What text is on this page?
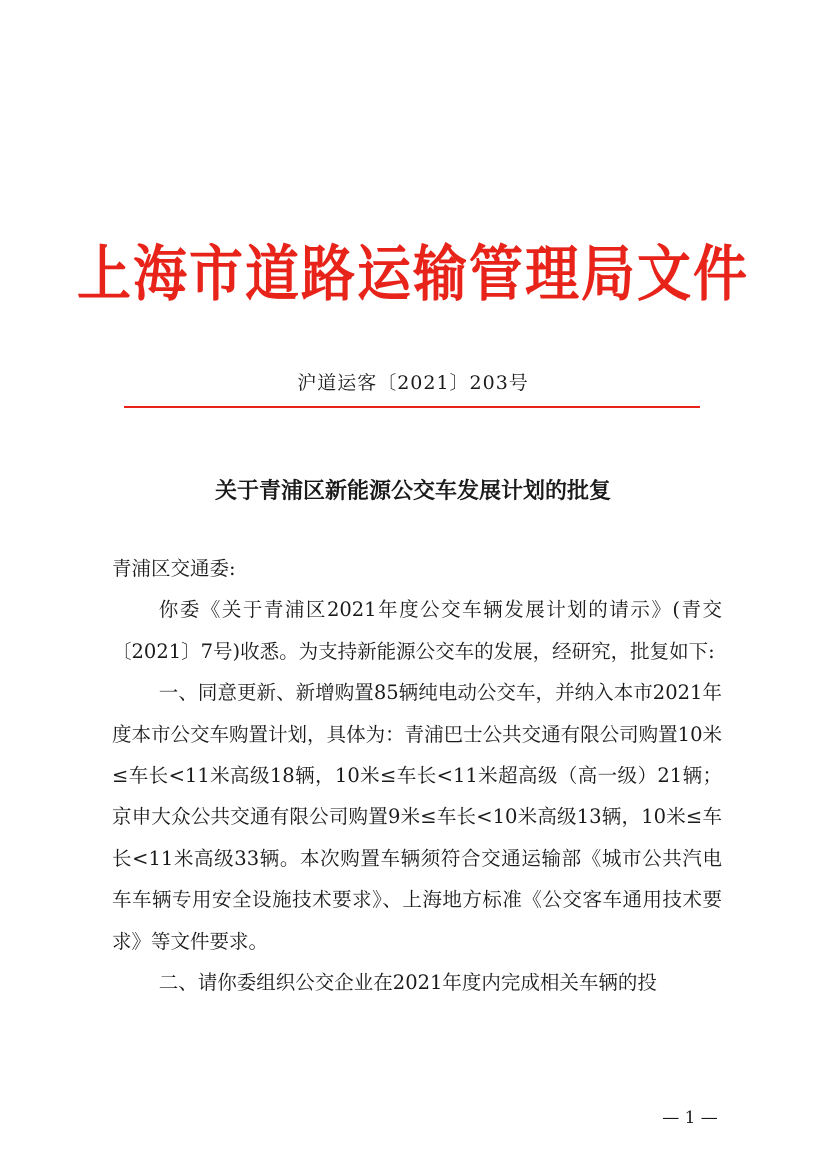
上海市道路运输管理局文件
沪道运客〔2021〕203号
关于青浦区新能源公交车发展计划的批复

青浦区交通委:

你委《关于青浦区2021年度公交车辆发展计划的请示》(青交〔2021〕7号)收悉。为支持新能源公交车的发展，经研究，批复如下:

一、同意更新、新增购置85辆纯电动公交车，并纳入本市2021年度本市公交车购置计划，具体为：青浦巴士公共交通有限公司购置10米≤车长<11米高级18辆，10米≤车长<11米超高级（高一级）21辆；京申大众公共交通有限公司购置9米≤车长<10米高级13辆，10米≤车长<11米高级33辆。本次购置车辆须符合交通运输部《城市公共汽电车车辆专用安全设施技术要求》、上海地方标准《公交客车通用技术要求》等文件要求。

二、请你委组织公交企业在2021年度内完成相关车辆的投

— 1 —
